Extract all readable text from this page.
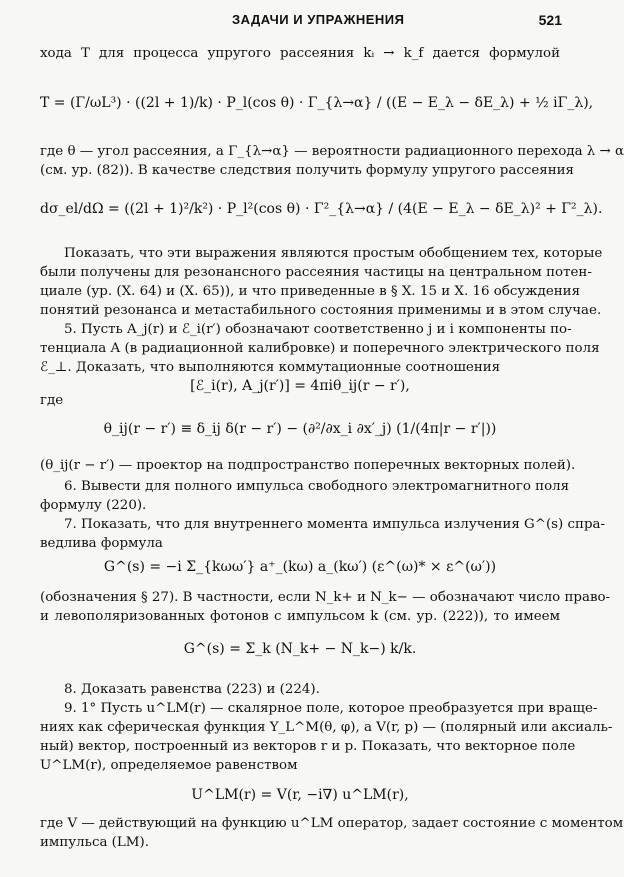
ЗАДАЧИ И УПРАЖНЕНИЯ	521
хода T для процесса упругого рассеяния kᵢ → k_f дается формулой
T = (Γ/ωL³) · ((2l + 1)/k) · P_l(cos θ) · Γ_{λ→α} / ((E − E_λ − δE_λ) + ½ iΓ_λ),
где θ — угол рассеяния, а Γ_{λ→α} — вероятности радиационного перехода λ → α
(см. ур. (82)). В качестве следствия получить формулу упругого рассеяния
dσ_el/dΩ = ((2l + 1)²/k²) · P_l²(cos θ) · Γ²_{λ→α} / (4(E − E_λ − δE_λ)² + Γ²_λ).
Показать, что эти выражения являются простым обобщением тех, которые
были получены для резонансного рассеяния частицы на центральном потен-
циале (ур. (X. 64) и (X. 65)), и что приведенные в § X. 15 и X. 16 обсуждения
понятий резонанса и метастабильного состояния применимы и в этом случае.
5. Пусть A_j(r) и ℰ_i(r′) обозначают соответственно j и i компоненты по-
тенциала A (в радиационной калибровке) и поперечного электрического поля
ℰ_⊥. Доказать, что выполняются коммутационные соотношения
[ℰ_i(r), A_j(r′)] = 4πiθ_ij(r − r′),
где
θ_ij(r − r′) ≡ δ_ij δ(r − r′) − (∂²/∂x_i ∂x′_j) (1/(4π|r − r′|))
(θ_ij(r − r′) — проектор на подпространство поперечных векторных полей).
6. Вывести для полного импульса свободного электромагнитного поля
формулу (220).
7. Показать, что для внутреннего момента импульса излучения G^(s) спра-
ведлива формула
G^(s) = −i Σ_{kωω′} a⁺_(kω) a_(kω′) (ε^(ω)* × ε^(ω′))
(обозначения § 27). В частности, если N_k+ и N_k− — обозначают число право-
и левополяризованных фотонов с импульсом k (см. ур. (222)), то имеем
G^(s) = Σ_k (N_k+ − N_k−) k/k.
8. Доказать равенства (223) и (224).
9. 1° Пусть u^LM(r) — скалярное поле, которое преобразуется при враще-
ниях как сферическая функция Y_L^M(θ, φ), а V(r, p) — (полярный или аксиаль-
ный) вектор, построенный из векторов r и p. Показать, что векторное поле
U^LM(r), определяемое равенством
U^LM(r) = V(r, −i∇) u^LM(r),
где V — действующий на функцию u^LM оператор, задает состояние с моментом
импульса (LM).
